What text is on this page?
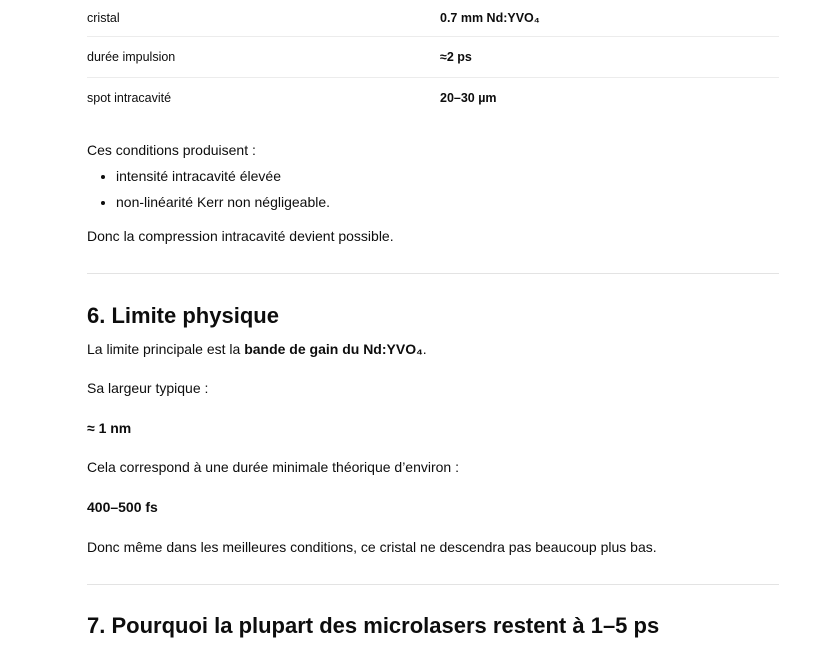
cristal	0.7 mm Nd:YVO₄
durée impulsion	≈2 ps
spot intracavité	20–30 µm

Ces conditions produisent :

• intensité intracavité élevée
• non-linéarité Kerr non négligeable.

Donc la compression intracavité devient possible.

6. Limite physique

La limite principale est la bande de gain du Nd:YVO₄.

Sa largeur typique :

≈ 1 nm

Cela correspond à une durée minimale théorique d’environ :

400–500 fs

Donc même dans les meilleures conditions, ce cristal ne descendra pas beaucoup plus bas.

7. Pourquoi la plupart des microlasers restent à 1–5 ps
